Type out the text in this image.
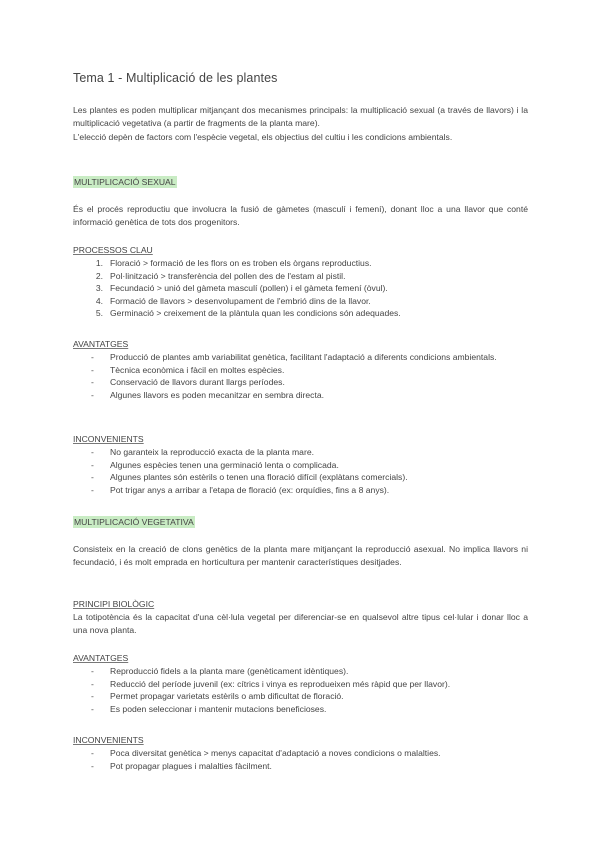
Tema 1 - Multiplicació de les plantes

Les plantes es poden multiplicar mitjançant dos mecanismes principals: la multiplicació sexual (a través de llavors) i la multiplicació vegetativa (a partir de fragments de la planta mare).

L'elecció depèn de factors com l'espècie vegetal, els objectius del cultiu i les condicions ambientals.

MULTIPLICACIÓ SEXUAL

És el procés reproductiu que involucra la fusió de gàmetes (masculí i femení), donant lloc a una llavor que conté informació genètica de tots dos progenitors.

PROCESSOS CLAU
1. Floració > formació de les flors on es troben els òrgans reproductius.
2. Pol·linització > transferència del pollen des de l'estam al pistil.
3. Fecundació > unió del gàmeta masculí (pollen) i el gàmeta femení (òvul).
4. Formació de llavors > desenvolupament de l'embrió dins de la llavor.
5. Germinació > creixement de la plàntula quan les condicions són adequades.
AVANTATGES
-	Producció de plantes amb variabilitat genètica, facilitant l'adaptació a diferents condicions ambientals.
-	Tècnica econòmica i fàcil en moltes espècies.
-	Conservació de llavors durant llargs períodes.
-	Algunes llavors es poden mecanitzar en sembra directa.
INCONVENIENTS
-	No garanteix la reproducció exacta de la planta mare.
-	Algunes espècies tenen una germinació lenta o complicada.
-	Algunes plantes són estèrils o tenen una floració difícil (explàtans comercials).
-	Pot trigar anys a arribar a l'etapa de floració (ex: orquídies, fins a 8 anys).
MULTIPLICACIÓ VEGETATIVA

Consisteix en la creació de clons genètics de la planta mare mitjançant la reproducció asexual. No implica llavors ni fecundació, i és molt emprada en horticultura per mantenir característiques desitjades.

PRINCIPI BIOLÒGIC

La totipotència és la capacitat d'una cèl·lula vegetal per diferenciar-se en qualsevol altre tipus cel·lular i donar lloc a una nova planta.

AVANTATGES
-	Reproducció fidels a la planta mare (genèticament idèntiques).
-	Reducció del període juvenil (ex: cítrics i vinya es reprodueixen més ràpid que per llavor).
-	Permet propagar varietats estèrils o amb dificultat de floració.
-	Es poden seleccionar i mantenir mutacions beneficioses.
INCONVENIENTS
-	Poca diversitat genètica > menys capacitat d'adaptació a noves condicions o malalties.
-	Pot propagar plagues i malalties fàcilment.
